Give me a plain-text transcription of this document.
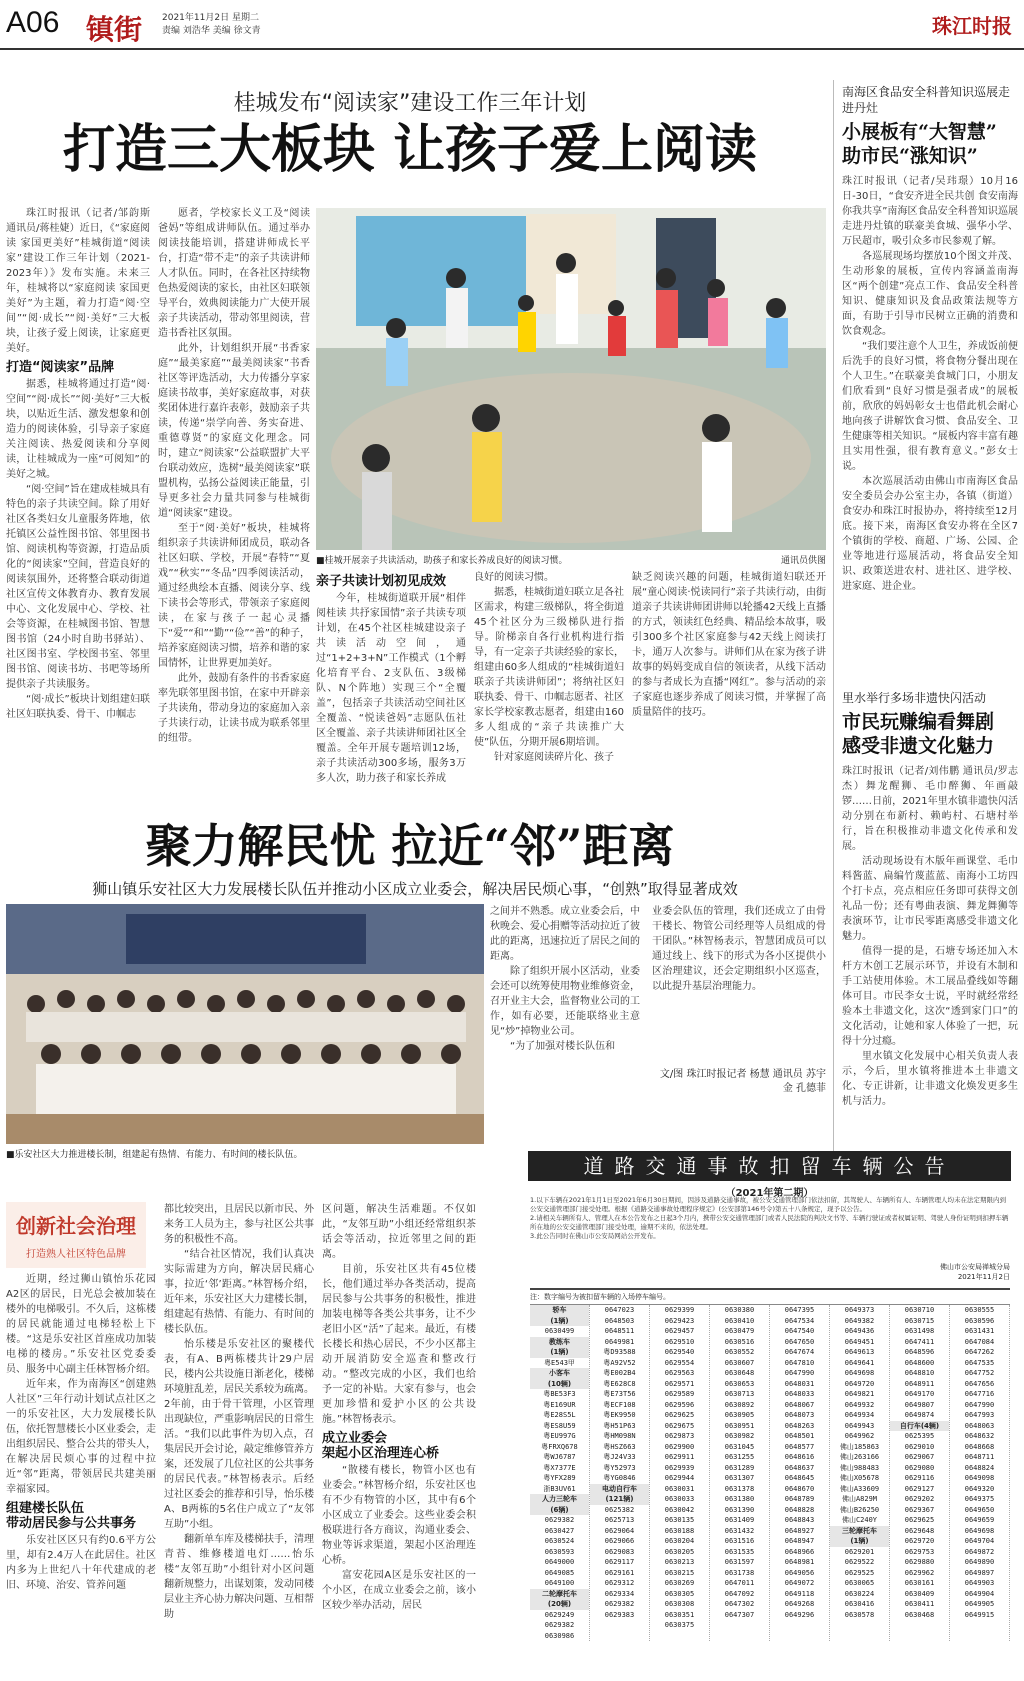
A06 镇街 2021年11月2日 星期二
责编 刘浩华 美编 徐文青	珠江时报
桂城发布“阅读家”建设工作三年计划
打造三大板块 让孩子爱上阅读

珠江时报讯（记者/邹韵斯 通讯员/蒋桂婕）近日，《“家庭阅读 家国更美好”桂城街道“阅读家”建设工作三年计划（2021-2023年）》发布实施。未来三年，桂城将以“家庭阅读 家国更美好”为主题，着力打造“阅·空间”“阅·成长”“阅·美好”三大板块，让孩子爱上阅读，让家庭更美好。

打造“阅读家”品牌

据悉，桂城将通过打造“阅·空间”“阅·成长”“阅·美好”三大板块，以贴近生活、激发想象和创造力的阅读体验，引导亲子家庭关注阅读、热爱阅读和分享阅读，让桂城成为一座“可阅知”的美好之城。

“阅·空间”旨在建成桂城具有特色的亲子共读空间。除了用好社区各类妇女儿童服务阵地，依托镇区公益性图书馆、邻里图书馆、阅读机构等资源，打造品质化的“阅读家”空间，营造良好的阅读氛围外，还将整合联动街道社区宣传文体教育办、教育发展中心、文化发展中心、学校、社会等资源，在桂城图书馆、智慧图书馆（24小时自助书驿站）、社区图书室、学校图书室、邻里图书馆、阅读书坊、书吧等场所提供亲子共读服务。

“阅·成长”板块计划组建妇联社区妇联执委、骨干、巾帼志

愿者，学校家长义工及“阅读爸妈”等组成讲师队伍。通过举办阅读技能培训，搭建讲师成长平台，打造“带不走”的亲子共读讲师人才队伍。同时，在各社区持续物色热爱阅读的家长，由社区妇联领导平台，效典阅读能力广大使开展亲子共读活动，带动邻里阅读，营造书香社区氛围。

此外，计划组织开展“书香家庭”“最美家庭”“最美阅读家”书香社区等评选活动，大力传播分享家庭读书故事，美好家庭故事，对获奖团体进行嘉许表彰，鼓励亲子共读，传递“崇学向善、务实奋进、重德尊贤”的家庭文化理念。同时，建立“阅读家”公益联盟扩大平台联动效应，选树“最美阅读家”联盟机构，弘扬公益阅读正能量，引导更多社会力量共同参与桂城街道“阅读家”建设。

至于“阅·美好”板块，桂城将组织亲子共读讲师团成员，联动各社区妇联、学校，开展“春特”“夏戏”“秋实”“冬品”四季阅读活动，通过经典绘本直播、阅读分享、线下读书会等形式，带领亲子家庭阅读，在家与孩子一起心灵播下“爱”“和”“勤”“俭”“善”的种子，培养家庭阅读习惯，培养和谐的家国情怀，让世界更加美好。

此外，鼓励有条件的书香家庭率先联邻里图书馆，在家中开辟亲子共读角，带动身边的家庭加入亲子共读行动，让读书成为联系邻里的纽带。

■桂城开展亲子共读活动，助孩子和家长养成良好的阅读习惯。	通讯员供图
亲子共读计划初见成效

今年，桂城街道联开展“相伴阅桂读 共抒家国情”亲子共读专项计划，在45个社区桂城建设亲子共读活动空间，通过“1+2+3+N”工作模式（1个孵化培育平台、2支队伍、3级梯队、N个阵地）实现三个“全覆盖”，包括亲子共读活动空间社区全覆盖、“悦读爸妈”志愿队伍社区全覆盖、亲子共读讲师团社区全覆盖。全年开展专题培训12场，亲子共读活动300多场，服务3万多人次，助力孩子和家长养成

良好的阅读习惯。

据悉，桂城街道妇联立足各社区需求，构建三级梯队，将全街道45个社区分为三级梯队进行指导。阶梯亲自各行业机构进行指导，有一定亲子共读经验的家长，组建由60多人组成的“桂城街道妇联亲子共读讲师团”；将纳社区妇联执委、骨干、巾帼志愿者、社区家长学校家教志愿者，组建由160多人组成的“亲子共读推广大使”队伍，分期开展6期培训。

针对家庭阅读碎片化、孩子

缺乏阅读兴趣的问题，桂城街道妇联还开展“童心阅读·悦读同行”亲子共读行动，由街道亲子共读讲师团讲师以轮播42天线上直播的方式，领读红色经典、精品绘本故事，吸引300多个社区家庭参与42天线上阅读打卡，通万人次参与。讲师们从在家为孩子讲故事的妈妈变成自信的领读者，从线下活动的参与者成长为直播“网红”。参与活动的亲子家庭也逐步养成了阅读习惯，并掌握了高质量陪伴的技巧。

聚力解民忧 拉近“邻”距离
狮山镇乐安社区大力发展楼长队伍并推动小区成立业委会，解决居民烦心事，“创熟”取得显著成效
■乐安社区大力推进楼长制，组建起有热情、有能力、有时间的楼长队伍。

之间并不熟悉。成立业委会后，中秋晚会、爱心捐赠等活动拉近了彼此的距离，迅速拉近了居民之间的距离。

除了组织开展小区活动，业委会还可以统筹使用物业维修资金，召开业主大会，监督物业公司的工作，如有必要，还能联络业主意见“炒”掉物业公司。

“为了加强对楼长队伍和

业委会队伍的管理，我们还成立了由骨干楼长、物管公司经理等人员组成的骨干团队。”林智杨表示，智慧团成员可以通过线上、线下的形式为各小区提供小区治理建议，还会定期组织小区巡查，以此提升基层治理能力。

文/图 珠江时报记者 杨慧 通讯员 苏宇金 孔德菲
创新社会治理
打造熟人社区特色品牌

近期，经过狮山镇怡乐花园A2区的居民，日光总会被加装在楼外的电梯吸引。不久后，这栋楼的居民就能通过电梯轻松上下楼。“这是乐安社区首座成功加装电梯的楼房。”乐安社区党委委员、服务中心副主任林智杨介绍。

近年来，作为南海区“创建熟人社区”三年行动计划试点社区之一的乐安社区，大力发展楼长队伍，依托智慧楼长小区业委会，走出组织居民、整合公共的带头人，在解决居民烦心事的过程中拉近“邻”距离，带领居民共建美丽幸福家园。

组建楼长队伍
带动居民参与公共事务

乐安社区区只有约0.6平方公里，却有2.4万人在此居住。社区内多为上世纪八十年代建成的老旧、环境、治安、管养问题

都比较突出，且居民以新市民、外来务工人员为主，参与社区公共事务的积极性不高。

“结合社区情况，我们认真决实际需建为方向，解决居民痛心事，拉近‘邻’距离。”林智杨介绍，近年来，乐安社区大力建楼长制，组建起有热情、有能力、有时间的楼长队伍。

怡乐楼是乐安社区的聚楼代表，有A、B两栋楼共计29户居民，楼内公共设施日渐老化，楼梯环境脏乱差，居民关系较为疏离。2年前，由于骨干管理，小区管理出现缺位，严重影响居民的日常生活。“我们以此事件为切入点，召集居民开会讨论，敲定维修管养方案，还发展了几位社区的公共事务的居民代表。”林智杨表示。后经过社区委会的推荐和引导，怡乐楼A、B两栋的5名住户成立了“友邻互助”小组。

翻新单车库及楼梯扶手，清理青苔、维修楼道电灯……怡乐楼“友邻互助”小组针对小区问题翻新规整力，出谋划策，发动同楼层业主齐心协力解决问题、互相帮助

区问题，解决生活难题。不仅如此，“友邻互助”小组还经常组织茶话会等活动，拉近邻里之间的距离。

目前，乐安社区共有45位楼长，他们通过举办各类活动，提高居民参与公共事务的积极性，推进加装电梯等各类公共事务，让不少老旧小区“活”了起来。最近，有楼长楼长和热心居民，不少小区都主动开展消防安全巡查和整改行动。“整改完成的小区，我们也给予一定的补贴。大家有参与，也会更加珍惜和爱护小区的公共设施。”林智杨表示。

成立业委会
架起小区治理连心桥

“散楼有楼长，物管小区也有业委会。”林智杨介绍，乐安社区也有不少有物管的小区，其中有6个小区成立了业委会。这些业委会积极联进行各方商议，沟通业委会、物业等诉求渠道，架起小区治理连心桥。

富安花园A区是乐安社区的一个小区，在成立业委会之前，该小区较少举办活动，居民

南海区食品安全科普知识巡展走进丹灶
小展板有“大智慧”
助市民“涨知识”

珠江时报讯（记者/吴玮璟）10月16日-30日，“食安齐进全民共创 食安南海你我共享”南海区食品安全科普知识巡展走进丹灶镇的联豪美食城、强华小学、万民超市，吸引众多市民参观了解。

各巡展现场均摆放10个图文并茂、生动形象的展板，宣传内容涵盖南海区“两个创建”亮点工作、食品安全科普知识、健康知识及食品政策法规等方面，有助于引导市民树立正确的消费和饮食观念。

“我们要注意个人卫生，养成饭前便后洗手的良好习惯，将食物分餐出现在个人卫生。”在联豪美食城门口，小朋友们欣看到“良好习惯是强者成”的展板前，欣欣的妈妈彰女士也借此机会耐心地向孩子讲解饮食习惯、食品安全、卫生健康等相关知识。“展板内容丰富有趣且实用性强，很有教育意义。”彭女士说。

本次巡展活动由佛山市南海区食品安全委员会办公室主办，各镇（街道）食安办和珠江时报协办，将持续至12月底。接下来，南海区食安办将在全区7个镇街的学校、商超、广场、公园、企业等地进行巡展活动，将食品安全知识、政策送进农村、进社区、进学校、进家庭、进企业。

里水举行多场非遗快闪活动
市民玩赚编看舞剧
感受非遗文化魅力

珠江时报讯（记者/刘伟鹏 通讯员/罗志杰）舞龙醒狮、毛巾醉狮、年画敲锣……日前，2021年里水镇非遗快闪活动分别在布新村、赖屿村、石塘村举行，旨在积极推动非遗文化传承和发展。

活动现场设有木版年画课堂、毛巾料酱蓝、扁编竹蔑蓝蓝、南海小工坊四个打卡点，亮点相应任务即可获得文创礼品一份；还有粤曲表演、舞龙舞狮等表演环节，让市民零距离感受非遗文化魅力。

值得一提的是，石塘专场还加入木杆方木创工艺展示环节，并设有木制和手工站使用体验。木工展品叠线如等翻体可目。市民李女士说，平时就经常经验本土非遗文化，这次“透到家门口”的文化活动，让她和家人体验了一把，玩得十分过瘾。

里水镇文化发展中心相关负责人表示，今后，里水镇将推进本土非遗文化、专正讲新，让非遗文化焕发更多生机与活力。

道路交通事故扣留车辆公告
（2021年第二期）
1.以下车辆在2021年1月1日至2021年6月30日期间，因涉及道路交通事故，被公安交通管理部门依法扣留，其驾驶人、车辆所有人、车辆管理人均未在法定期限内到公安交通管理部门接受处理。根据《道路交通事故处理程序规定》(公安部第146号令)第五十八条规定，现予以公告。
2.请相关车辆所有人、管理人在本公告发布之日起3个月内，携带公安交通管理部门或者人民法院的判决文书等、车辆行驶证或者权属证明、驾驶人身份证明到扣押车辆所在地的公安交通管理部门接受处理，逾期不来的，依法处理。
3.此公告同时在佛山市公安局网站公开发布。
佛山市公安局禅城分局
2021年11月2日
注：数字编号为被扣留车辆的入场停车编号。
轿车
(1辆)
0630499
教练车
(1辆)
粤E543甲
小客车
(10辆)
粤BE53F3
粤E169UR
粤E28S5L
粤ES8U59
粤EU997G
粤FRXQ678
粤WJ6787
粤X7377E
粤YFX289
浙B3UV61
人力三轮车
(6辆)
0629382
0630427
0630524
0630593
0649000
0649085
0649100
二轮摩托车
(20辆)
0629249
0629382
0630986
0647023
0648503
0648511
0649981
粤D93588
粤A92V52
粤E002B4
粤E628C8
粤E73T56
粤ECF108
粤EK9950
粤H51P63
粤HM098N
粤HSZ663
粤J24V33
粤Y52973
粤YG0846
电动自行车
(121辆)
0625382
0625713
0629064
0629066
0629083
0629117
0629161
0629312
0629334
0629382
0629383
0629399
0629423
0629457
0629510
0629540
0629554
0629563
0629571
0629589
0629596
0629625
0629675
0629873
0629900
0629911
0629939
0629944
0630031
0630033
0630042
0630135
0630188
0630204
0630205
0630213
0630215
0630269
0630305
0630308
0630351
0630375
0630380
0630410
0630479
0630516
0630552
0630607
0630648
0630653
0630713
0630892
0630905
0630951
0630982
0631045
0631255
0631289
0631307
0631378
0631380
0631390
0631409
0631432
0631516
0631535
0631597
0631738
0647011
0647092
0647302
0647307
0647395
0647534
0647540
0647650
0647674
0647810
0647990
0648031
0648033
0648067
0648073
0648263
0648501
0648577
0648616
0648637
0648645
0648670
0648789
0648828
0648843
0648927
0648947
0648966
0648981
0649056
0649072
0649118
0649268
0649296
0649373
0649382
0649436
0649451
0649613
0649641
0649698
0649720
0649821
0649932
0649934
0649943
0649962
佛山185863
佛山263166
佛山988483
佛山X05678
佛山A33609
佛山A829M
佛山B26250
佛山C240Y
三轮摩托车
(1辆)
0629201
0629522
0629525
0630065
0630224
0630416
0630578
0630710
0630715
0631498
0647411
0648596
0648600
0648810
0648911
0649170
0649807
0649874
自行车(4辆)
0625395
0629010
0629067
0629080
0629116
0629127
0629202
0629367
0629625
0629648
0629720
0629753
0629880
0629962
0630161
0630409
0630411
0630468
0630555
0630596
0631431
0647084
0647262
0647535
0647752
0647656
0647716
0647990
0647993
0648063
0648632
0648668
0648711
0648824
0649098
0649320
0649375
0649650
0649659
0649698
0649704
0649872
0649890
0649897
0649903
0649904
0649905
0649915
